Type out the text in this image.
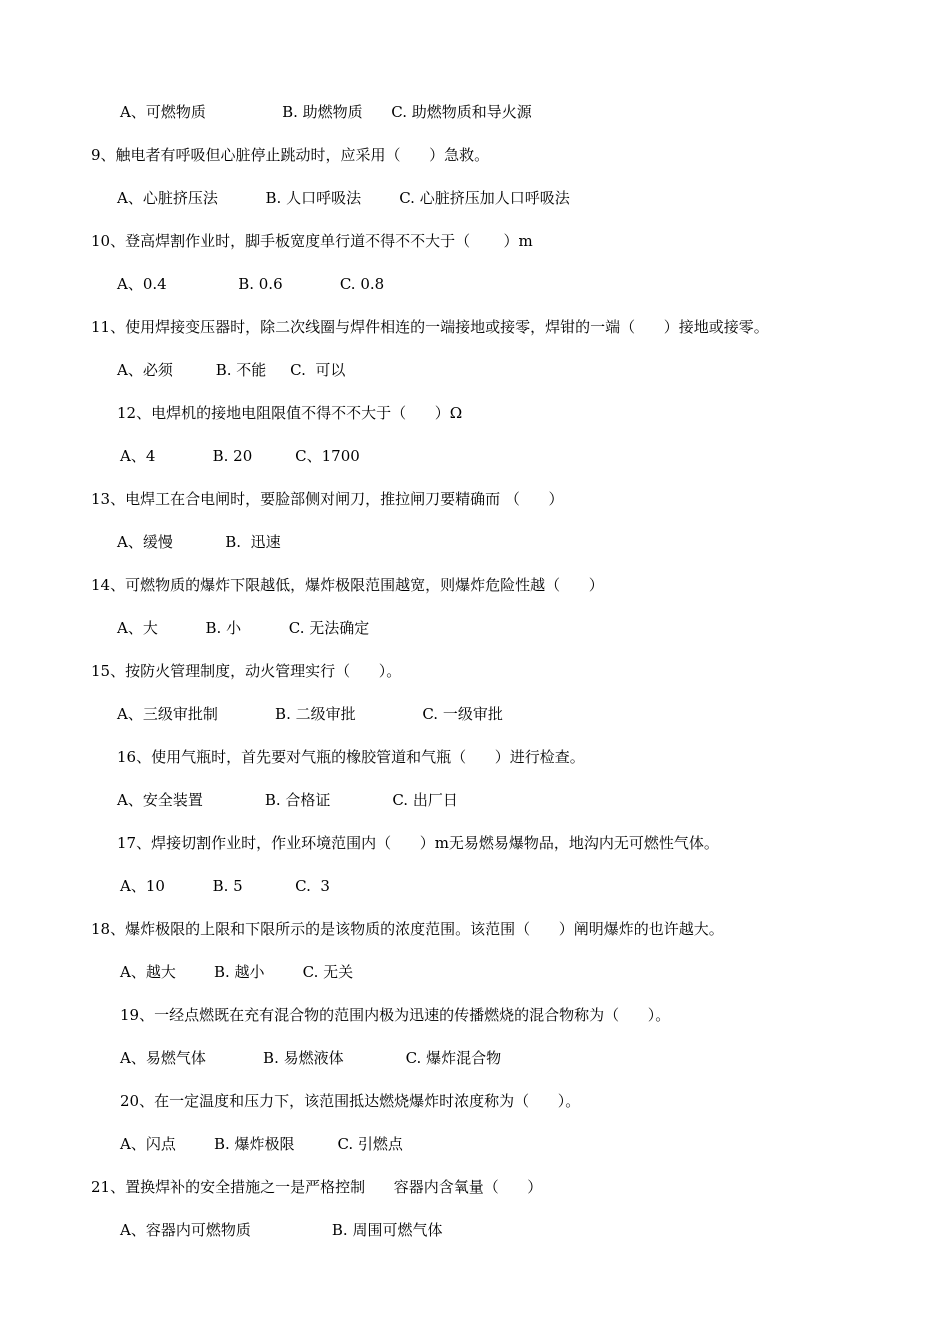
A、可燃物质                B. 助燃物质      C. 助燃物质和导火源
9、触电者有呼吸但心脏停止跳动时，应采用（      ）急救。
A、心脏挤压法          B. 人口呼吸法        C. 心脏挤压加人口呼吸法
10、登高焊割作业时，脚手板宽度单行道不得不不大于（       ）m
A、0.4               B. 0.6            C. 0.8
11、使用焊接变压器时，除二次线圈与焊件相连的一端接地或接零，焊钳的一端（      ）接地或接零。
A、必须         B. 不能     C.  可以
12、电焊机的接地电阻限值不得不不大于（      ）Ω
A、4            B. 20         C、1700
13、电焊工在合电闸时，要脸部侧对闸刀，推拉闸刀要精确而 （      ）
A、缓慢           B.  迅速
14、可燃物质的爆炸下限越低，爆炸极限范围越宽，则爆炸危险性越（      ）
A、大          B. 小          C. 无法确定
15、按防火管理制度，动火管理实行（      ）。
A、三级审批制            B. 二级审批              C. 一级审批
16、使用气瓶时，首先要对气瓶的橡胶管道和气瓶（      ）进行检查。
A、安全装置             B. 合格证             C. 出厂日
17、焊接切割作业时，作业环境范围内（      ）m无易燃易爆物品，地沟内无可燃性气体。
A、10          B. 5           C.  3
18、爆炸极限的上限和下限所示的是该物质的浓度范围。该范围（      ）阐明爆炸的也许越大。
A、越大        B. 越小        C. 无关
19、一经点燃既在充有混合物的范围内极为迅速的传播燃烧的混合物称为（      ）。
A、易燃气体            B. 易燃液体             C. 爆炸混合物
20、在一定温度和压力下，该范围抵达燃烧爆炸时浓度称为（      ）。
A、闪点        B. 爆炸极限         C. 引燃点
21、置换焊补的安全措施之一是严格控制      容器内含氧量（      ）
A、容器内可燃物质                 B. 周围可燃气体
